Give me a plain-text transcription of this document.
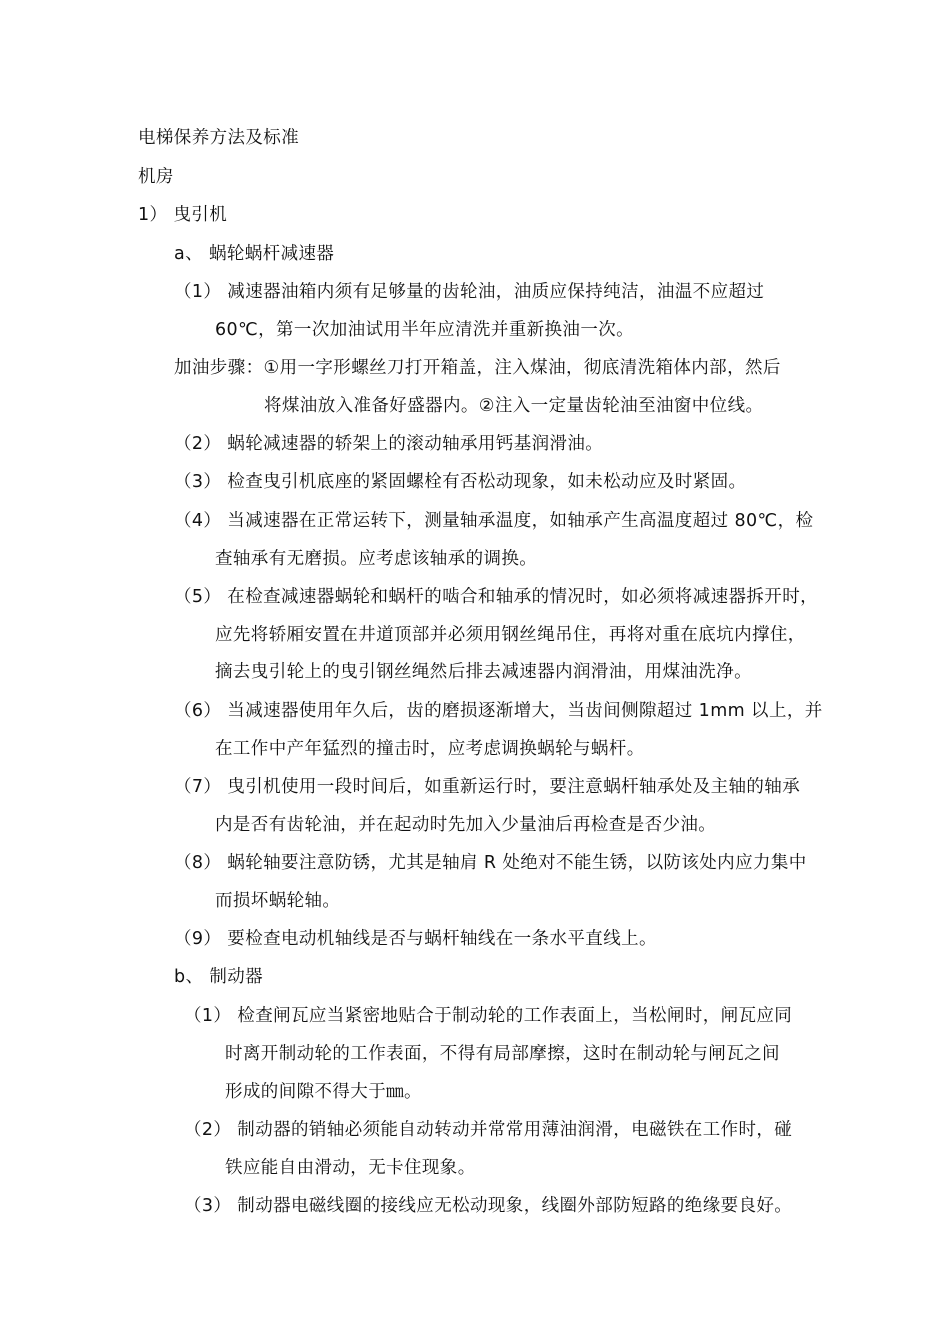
电梯保养方法及标准
机房
1） 曳引机
a、 蜗轮蜗杆减速器
（1） 减速器油箱内须有足够量的齿轮油，油质应保持纯洁，油温不应超过
60℃，第一次加油试用半年应清洗并重新换油一次。
加油步骤：①用一字形螺丝刀打开箱盖，注入煤油，彻底清洗箱体内部，然后
将煤油放入准备好盛器内。②注入一定量齿轮油至油窗中位线。
（2） 蜗轮减速器的轿架上的滚动轴承用钙基润滑油。
（3） 检查曳引机底座的紧固螺栓有否松动现象，如未松动应及时紧固。
（4） 当减速器在正常运转下，测量轴承温度，如轴承产生高温度超过 80℃，检
查轴承有无磨损。应考虑该轴承的调换。
（5） 在检查减速器蜗轮和蜗杆的啮合和轴承的情况时，如必须将减速器拆开时，
应先将轿厢安置在井道顶部并必须用钢丝绳吊住，再将对重在底坑内撑住，
摘去曳引轮上的曳引钢丝绳然后排去减速器内润滑油，用煤油洗净。
（6） 当减速器使用年久后，齿的磨损逐渐增大，当齿间侧隙超过 1mm 以上，并
在工作中产年猛烈的撞击时，应考虑调换蜗轮与蜗杆。
（7） 曳引机使用一段时间后，如重新运行时，要注意蜗杆轴承处及主轴的轴承
内是否有齿轮油，并在起动时先加入少量油后再检查是否少油。
（8） 蜗轮轴要注意防锈，尤其是轴肩 R 处绝对不能生锈，以防该处内应力集中
而损坏蜗轮轴。
（9） 要检查电动机轴线是否与蜗杆轴线在一条水平直线上。
b、 制动器
（1） 检查闸瓦应当紧密地贴合于制动轮的工作表面上，当松闸时，闸瓦应同
时离开制动轮的工作表面，不得有局部摩擦，这时在制动轮与闸瓦之间
形成的间隙不得大于㎜。
（2） 制动器的销轴必须能自动转动并常常用薄油润滑，电磁铁在工作时，碰
铁应能自由滑动，无卡住现象。
（3） 制动器电磁线圈的接线应无松动现象，线圈外部防短路的绝缘要良好。
